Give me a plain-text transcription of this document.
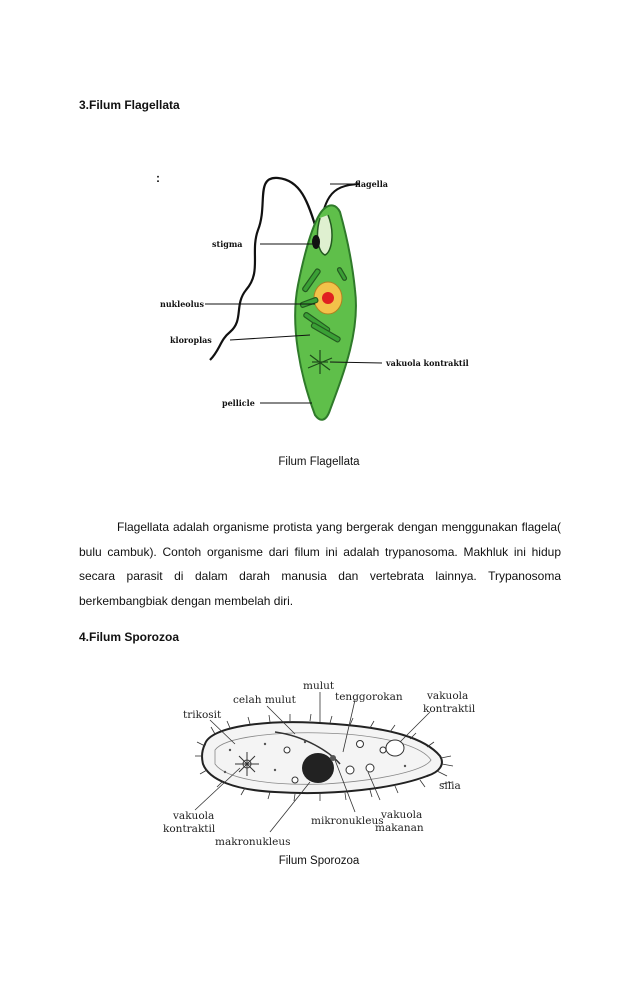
3.Filum Flagellata
:	flagella
stigma
nukleolus
kloroplas
vakuola kontraktil
pellicle
Filum Flagellata
Flagellata adalah organisme protista yang bergerak dengan menggunakan flagela( bulu cambuk). Contoh organisme dari filum ini adalah trypanosoma. Makhluk ini hidup secara parasit di dalam darah manusia dan vertebrata lainnya. Trypanosoma berkembangbiak dengan membelah diri.
4.Filum Sporozoa
mulut
celah mulut	tenggorokan vakuola
kontraktil
trikosit
silia
vakuola
kontraktil
mikronukleus
vakuola
makanan
makronukleus
Filum Sporozoa
